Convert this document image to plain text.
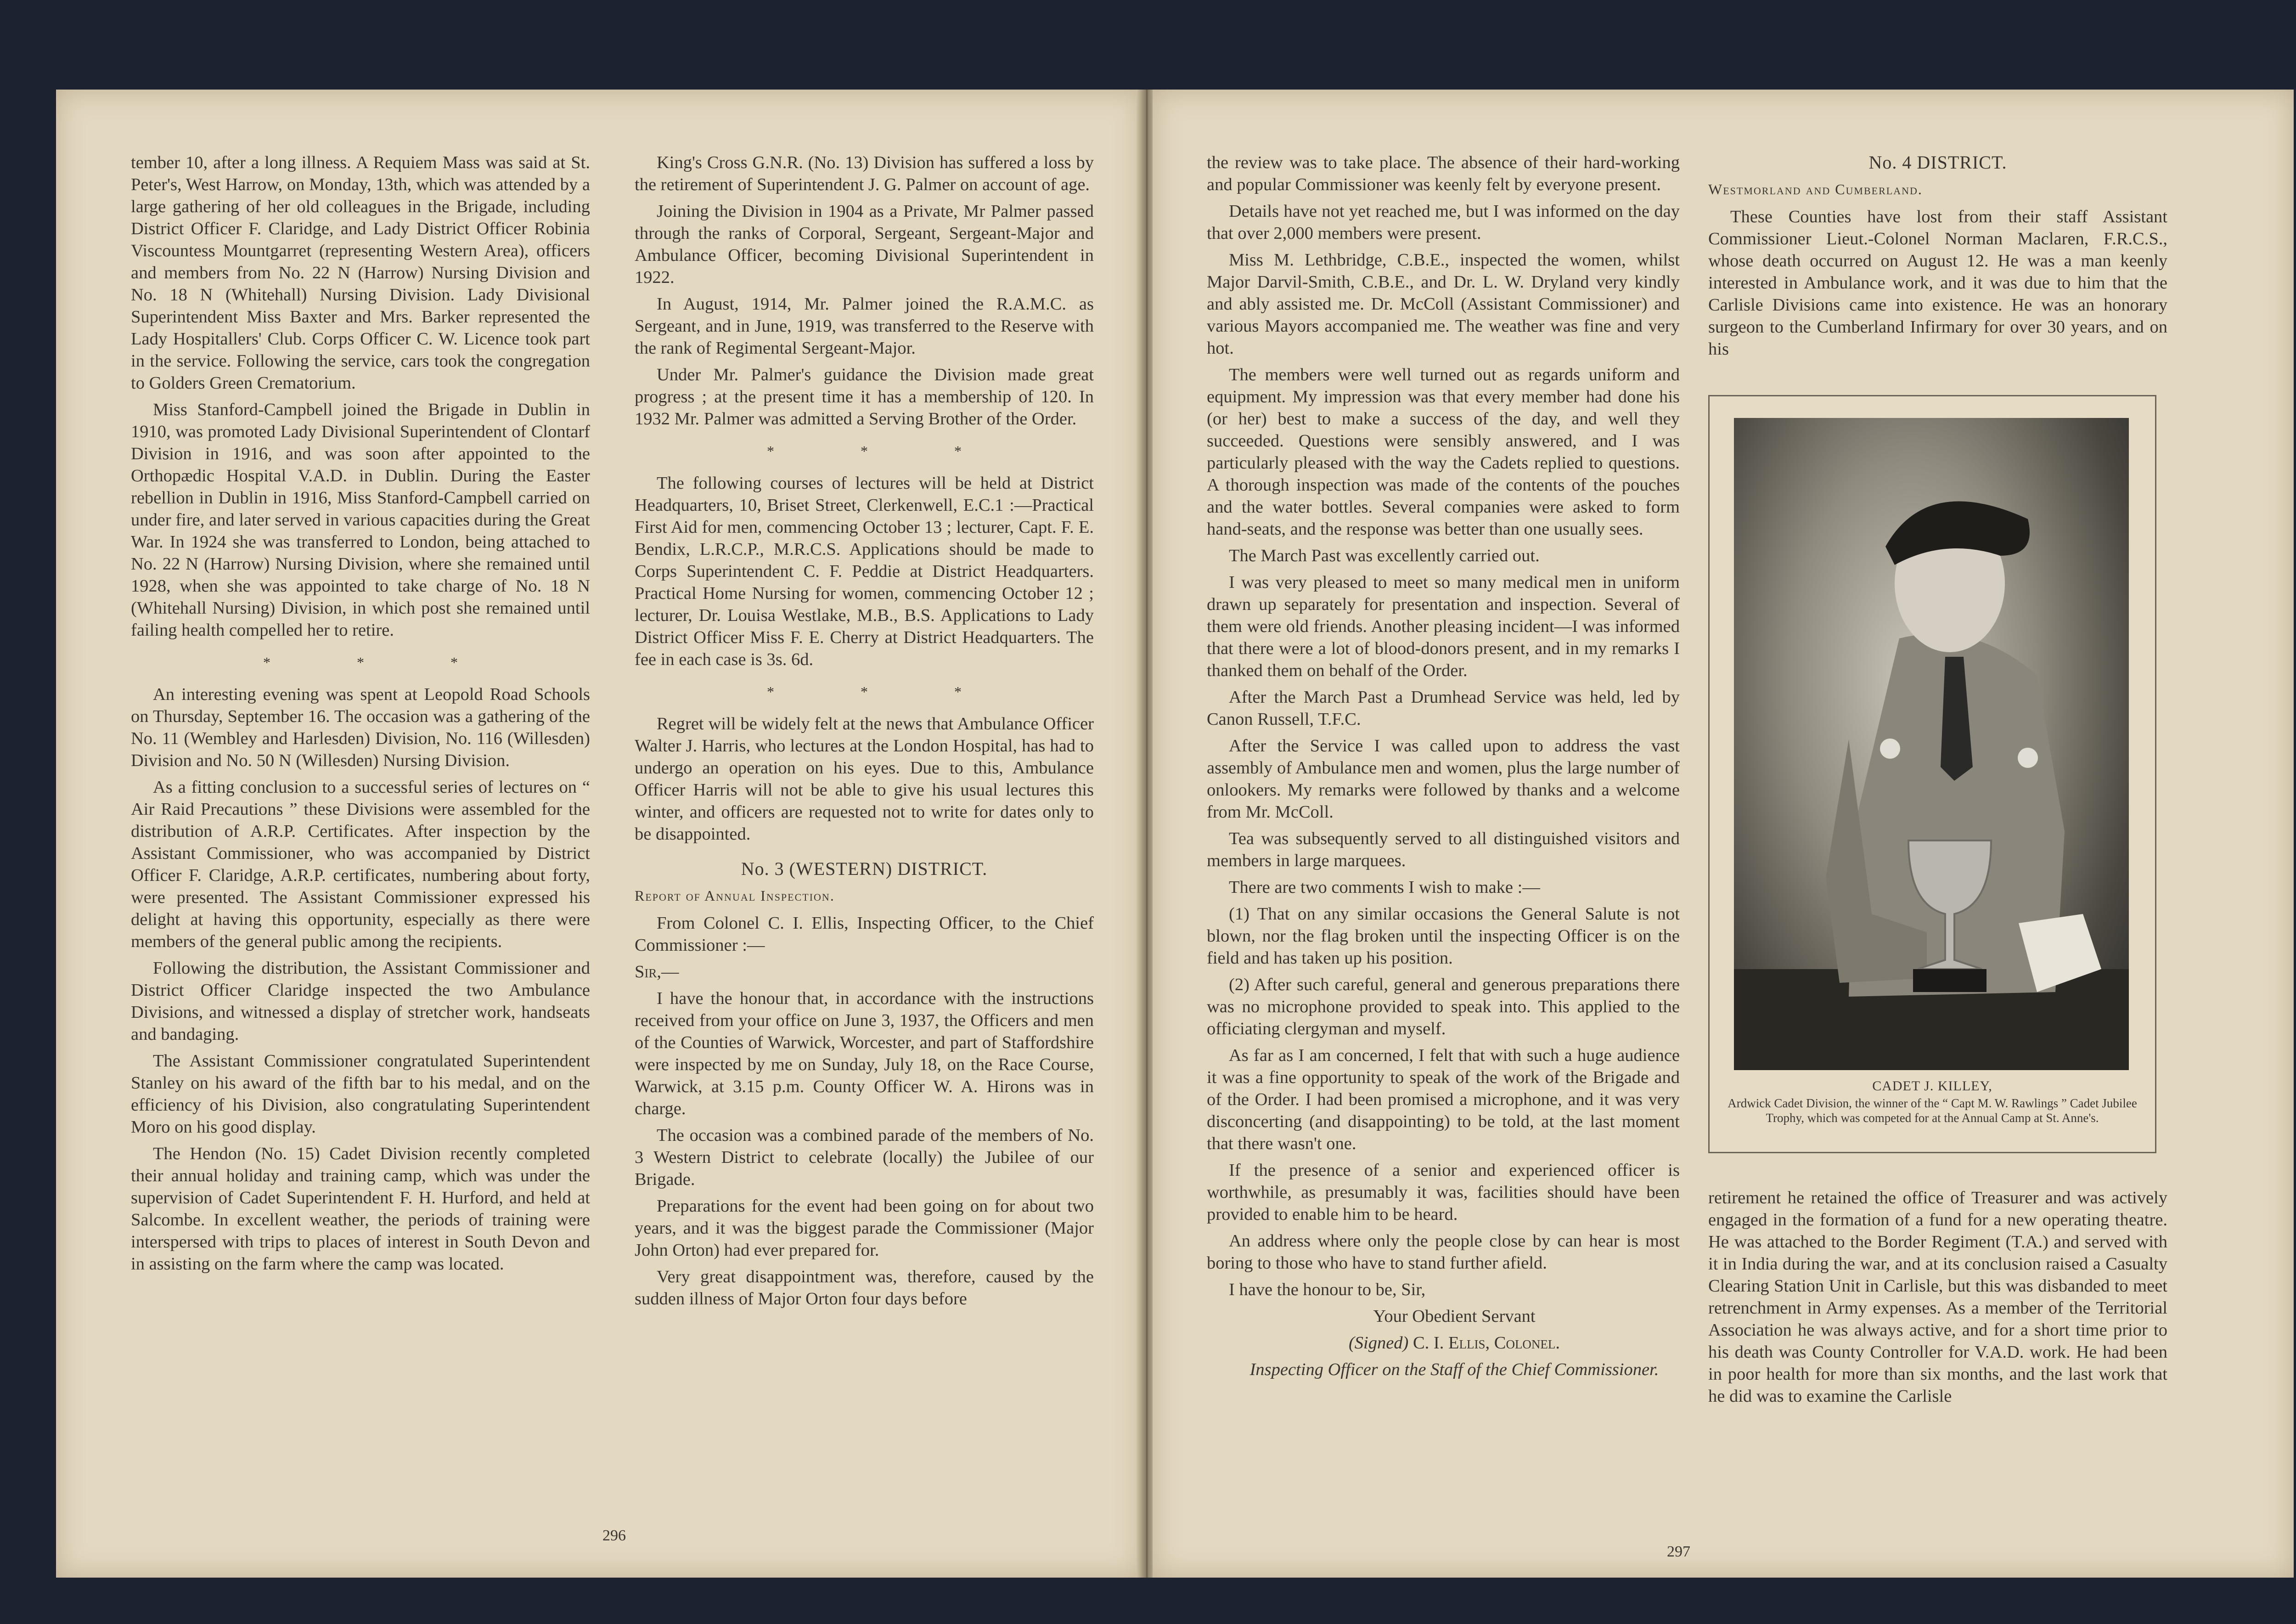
tember 10, after a long illness. A Requiem Mass was said at St. Peter's, West Harrow, on Monday, 13th, which was attended by a large gathering of her old colleagues in the Brigade, including District Officer F. Claridge, and Lady District Officer Robinia Viscountess Mountgarret (representing Western Area), officers and members from No. 22 N (Harrow) Nursing Division and No. 18 N (Whitehall) Nursing Division. Lady Divisional Superintendent Miss Baxter and Mrs. Barker represented the Lady Hospitallers' Club. Corps Officer C. W. Licence took part in the service. Following the service, cars took the congregation to Golders Green Crematorium.

Miss Stanford-Campbell joined the Brigade in Dublin in 1910, was promoted Lady Divisional Superintendent of Clontarf Division in 1916, and was soon after appointed to the Orthopædic Hospital V.A.D. in Dublin. During the Easter rebellion in Dublin in 1916, Miss Stanford-Campbell carried on under fire, and later served in various capacities during the Great War. In 1924 she was transferred to London, being attached to No. 22 N (Harrow) Nursing Division, where she remained until 1928, when she was appointed to take charge of No. 18 N (Whitehall Nursing) Division, in which post she remained until failing health compelled her to retire.

* * *

An interesting evening was spent at Leopold Road Schools on Thursday, September 16. The occasion was a gathering of the No. 11 (Wembley and Harlesden) Division, No. 116 (Willesden) Division and No. 50 N (Willesden) Nursing Division.

As a fitting conclusion to a successful series of lectures on “ Air Raid Precautions ” these Divisions were assembled for the distribution of A.R.P. Certificates. After inspection by the Assistant Commissioner, who was accompanied by District Officer F. Claridge, A.R.P. certificates, numbering about forty, were presented. The Assistant Commissioner expressed his delight at having this opportunity, especially as there were members of the general public among the recipients.

Following the distribution, the Assistant Commissioner and District Officer Claridge inspected the two Ambulance Divisions, and witnessed a display of stretcher work, handseats and bandaging.

The Assistant Commissioner congratulated Superintendent Stanley on his award of the fifth bar to his medal, and on the efficiency of his Division, also congratulating Superintendent Moro on his good display.

The Hendon (No. 15) Cadet Division recently completed their annual holiday and training camp, which was under the supervision of Cadet Superintendent F. H. Hurford, and held at Salcombe. In excellent weather, the periods of training were interspersed with trips to places of interest in South Devon and in assisting on the farm where the camp was located.

King's Cross G.N.R. (No. 13) Division has suffered a loss by the retirement of Superintendent J. G. Palmer on account of age.

Joining the Division in 1904 as a Private, Mr Palmer passed through the ranks of Corporal, Sergeant, Sergeant-Major and Ambulance Officer, becoming Divisional Superintendent in 1922.

In August, 1914, Mr. Palmer joined the R.A.M.C. as Sergeant, and in June, 1919, was transferred to the Reserve with the rank of Regimental Sergeant-Major.

Under Mr. Palmer's guidance the Division made great progress ; at the present time it has a membership of 120. In 1932 Mr. Palmer was admitted a Serving Brother of the Order.

* * *

The following courses of lectures will be held at District Headquarters, 10, Briset Street, Clerkenwell, E.C.1 :—Practical First Aid for men, commencing October 13 ; lecturer, Capt. F. E. Bendix, L.R.C.P., M.R.C.S. Applications should be made to Corps Superintendent C. F. Peddie at District Headquarters. Practical Home Nursing for women, commencing October 12 ; lecturer, Dr. Louisa Westlake, M.B., B.S. Applications to Lady District Officer Miss F. E. Cherry at District Headquarters. The fee in each case is 3s. 6d.

* * *

Regret will be widely felt at the news that Ambulance Officer Walter J. Harris, who lectures at the London Hospital, has had to undergo an operation on his eyes. Due to this, Ambulance Officer Harris will not be able to give his usual lectures this winter, and officers are requested not to write for dates only to be disappointed.

No. 3 (WESTERN) DISTRICT.
Report of Annual Inspection.

From Colonel C. I. Ellis, Inspecting Officer, to the Chief Commissioner :—

Sir,—

I have the honour that, in accordance with the instructions received from your office on June 3, 1937, the Officers and men of the Counties of Warwick, Worcester, and part of Staffordshire were inspected by me on Sunday, July 18, on the Race Course, Warwick, at 3.15 p.m. County Officer W. A. Hirons was in charge.

The occasion was a combined parade of the members of No. 3 Western District to celebrate (locally) the Jubilee of our Brigade.

Preparations for the event had been going on for about two years, and it was the biggest parade the Commissioner (Major John Orton) had ever prepared for.

Very great disappointment was, therefore, caused by the sudden illness of Major Orton four days before

296

the review was to take place. The absence of their hard-working and popular Commissioner was keenly felt by everyone present.

Details have not yet reached me, but I was informed on the day that over 2,000 members were present.

Miss M. Lethbridge, C.B.E., inspected the women, whilst Major Darvil-Smith, C.B.E., and Dr. L. W. Dryland very kindly and ably assisted me. Dr. McColl (Assistant Commissioner) and various Mayors accompanied me. The weather was fine and very hot.

The members were well turned out as regards uniform and equipment. My impression was that every member had done his (or her) best to make a success of the day, and well they succeeded. Questions were sensibly answered, and I was particularly pleased with the way the Cadets replied to questions. A thorough inspection was made of the contents of the pouches and the water bottles. Several companies were asked to form hand-seats, and the response was better than one usually sees.

The March Past was excellently carried out.

I was very pleased to meet so many medical men in uniform drawn up separately for presentation and inspection. Several of them were old friends. Another pleasing incident—I was informed that there were a lot of blood-donors present, and in my remarks I thanked them on behalf of the Order.

After the March Past a Drumhead Service was held, led by Canon Russell, T.F.C.

After the Service I was called upon to address the vast assembly of Ambulance men and women, plus the large number of onlookers. My remarks were followed by thanks and a welcome from Mr. McColl.

Tea was subsequently served to all distinguished visitors and members in large marquees.

There are two comments I wish to make :—

(1) That on any similar occasions the General Salute is not blown, nor the flag broken until the inspecting Officer is on the field and has taken up his position.

(2) After such careful, general and generous preparations there was no microphone provided to speak into. This applied to the officiating clergyman and myself.

As far as I am concerned, I felt that with such a huge audience it was a fine opportunity to speak of the work of the Brigade and of the Order. I had been promised a microphone, and it was very disconcerting (and disappointing) to be told, at the last moment that there wasn't one.

If the presence of a senior and experienced officer is worthwhile, as presumably it was, facilities should have been provided to enable him to be heard.

An address where only the people close by can hear is most boring to those who have to stand further afield.

I have the honour to be, Sir,

Your Obedient Servant

(Signed) C. I. Ellis, Colonel.

Inspecting Officer on the Staff of the Chief Commissioner.

No. 4 DISTRICT.
Westmorland and Cumberland.

These Counties have lost from their staff Assistant Commissioner Lieut.-Colonel Norman Maclaren, F.R.C.S., whose death occurred on August 12. He was a man keenly interested in Ambulance work, and it was due to him that the Carlisle Divisions came into existence. He was an honorary surgeon to the Cumberland Infirmary for over 30 years, and on his

retirement he retained the office of Treasurer and was actively engaged in the formation of a fund for a new operating theatre. He was attached to the Border Regiment (T.A.) and served with it in India during the war, and at its conclusion raised a Casualty Clearing Station Unit in Carlisle, but this was disbanded to meet retrenchment in Army expenses. As a member of the Territorial Association he was always active, and for a short time prior to his death was County Controller for V.A.D. work. He had been in poor health for more than six months, and the last work that he did was to examine the Carlisle

297
CADET J. KILLEY,
Ardwick Cadet Division, the winner of the “ Capt M. W. Rawlings ” Cadet Jubilee Trophy, which was competed for at the Annual Camp at St. Anne's.
